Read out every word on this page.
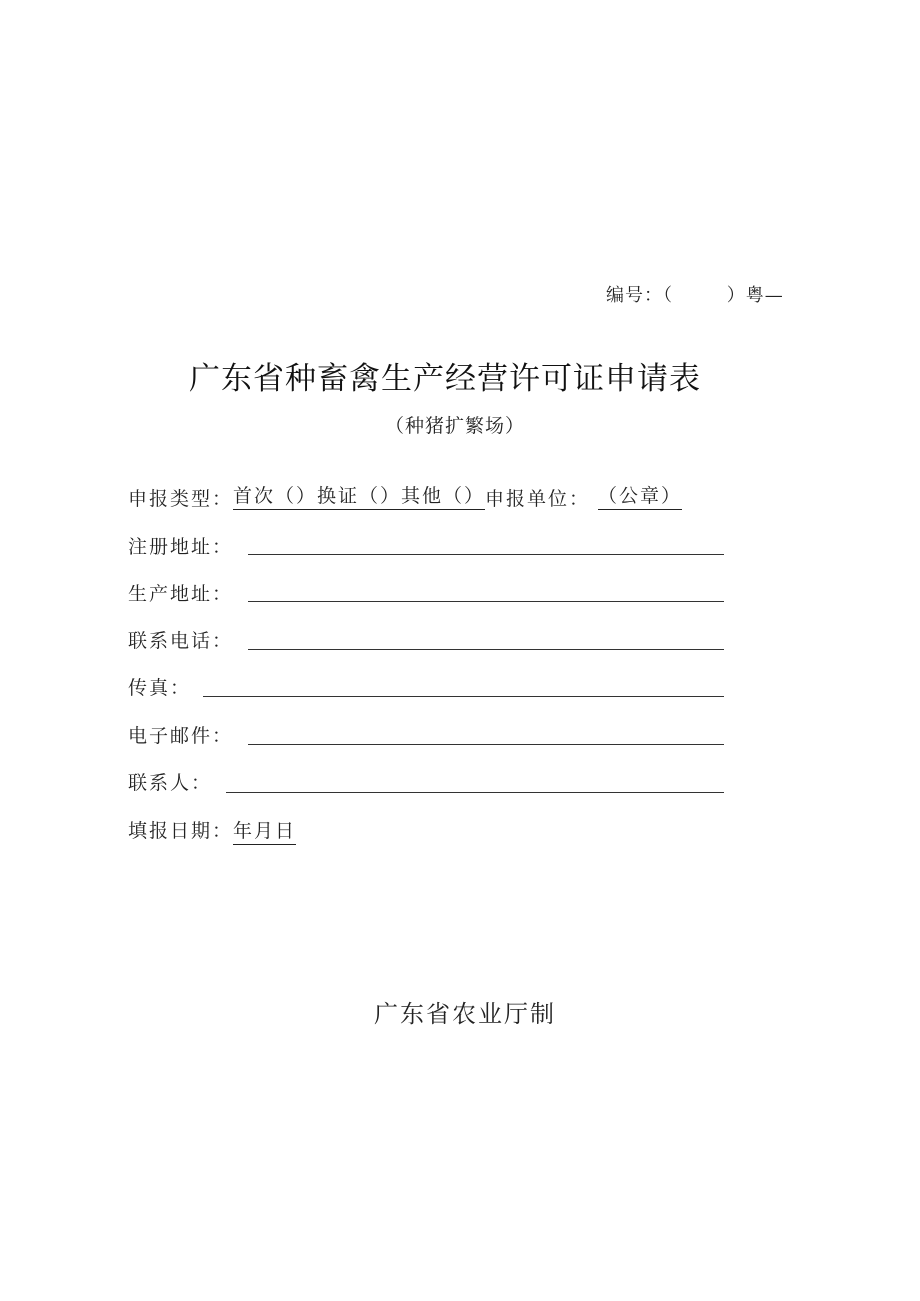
编号：（        ）粤—
广东省种畜禽生产经营许可证申请表
（种猪扩繁场）
申报类型：首次（）换证（）其他（）申报单位： （公章）
注册地址：
生产地址：
联系电话：
传真：
电子邮件：
联系人：
填报日期：年月日
广东省农业厅制
